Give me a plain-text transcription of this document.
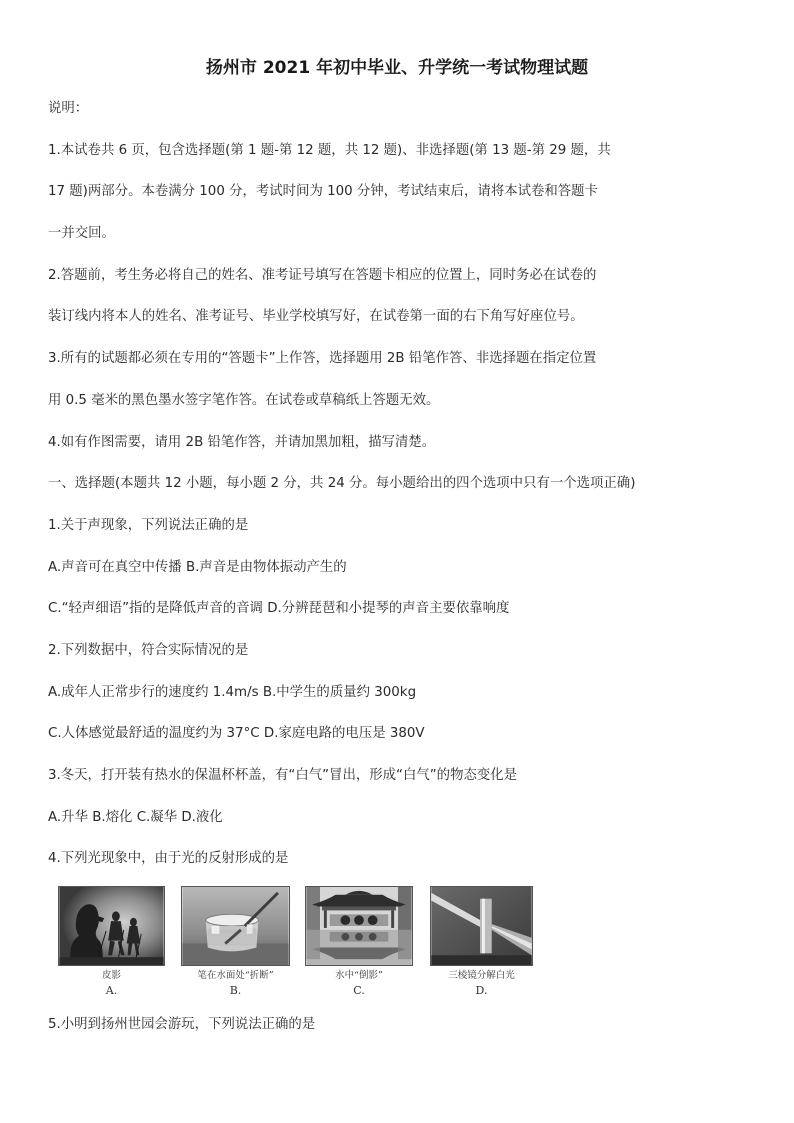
扬州市 2021 年初中毕业、升学统一考试物理试题
说明：
1.本试卷共 6 页，包含选择题(第 1 题-第 12 题，共 12 题)、非选择题(第 13 题-第 29 题，共
17 题)两部分。本卷满分 100 分，考试时间为 100 分钟，考试结束后，请将本试卷和答题卡
一并交回。
2.答题前，考生务必将自己的姓名、准考证号填写在答题卡相应的位置上，同时务必在试卷的
装订线内将本人的姓名、准考证号、毕业学校填写好，在试卷第一面的右下角写好座位号。
3.所有的试题都必须在专用的“答题卡”上作答，选择题用 2B 铅笔作答、非选择题在指定位置
用 0.5 毫米的黑色墨水签字笔作答。在试卷或草稿纸上答题无效。
4.如有作图需要，请用 2B 铅笔作答，并请加黑加粗，描写清楚。
一、选择题(本题共 12 小题，每小题 2 分，共 24 分。每小题给出的四个选项中只有一个选项正确)
1.关于声现象，下列说法正确的是
A.声音可在真空中传播 B.声音是由物体振动产生的
C.“轻声细语”指的是降低声音的音调 D.分辨琵琶和小提琴的声音主要依靠响度
2.下列数据中，符合实际情况的是
A.成年人正常步行的速度约 1.4m/s B.中学生的质量约 300kg
C.人体感觉最舒适的温度约为 37°C D.家庭电路的电压是 380V
3.冬天，打开装有热水的保温杯杯盖，有“白气”冒出，形成“白气”的物态变化是
A.升华 B.熔化 C.凝华 D.液化
4.下列光现象中，由于光的反射形成的是
皮影
A.
笔在水面处“折断”
B.
水中“倒影”
C.
三棱镜分解白光
D.
5.小明到扬州世园会游玩，下列说法正确的是
